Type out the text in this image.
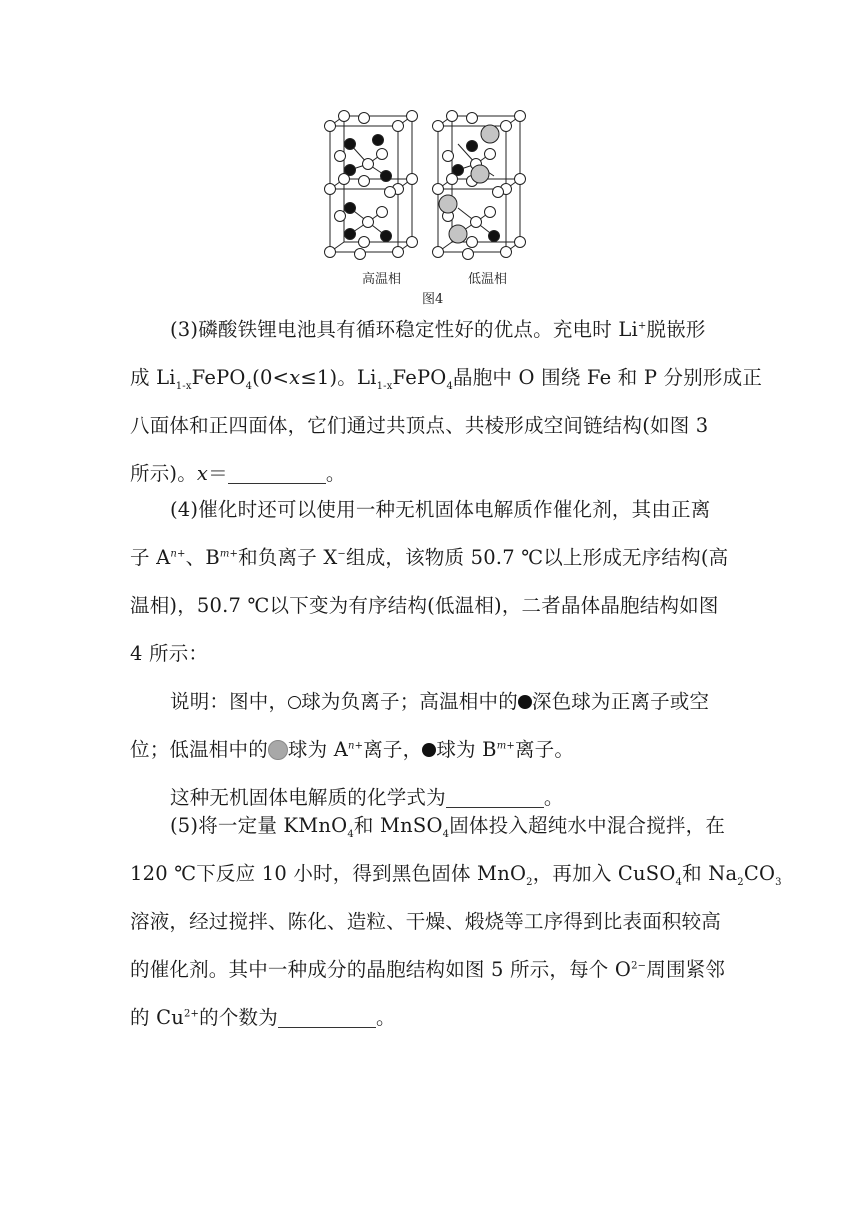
高温相	低温相
图4
(3)磷酸铁锂电池具有循环稳定性好的优点。充电时 Li+脱嵌形
成 $Li_{1-x}FePO_4(0<x\le 1)$。$Li_{1-x}FePO_4$晶胞中 O 围绕 Fe 和 P 分别形成正
八面体和正四面体，它们通过共顶点、共棱形成空间链结构(如图 3
所示)。x＝	。
(4)催化时还可以使用一种无机固体电解质作催化剂，其由正离
子 $A^{n+}$、$B^{m+}$和负离子 X−组成，该物质 50.7 ℃以上形成无序结构(高
温相)，50.7 ℃以下变为有序结构(低温相)，二者晶体晶胞结构如图
4 所示：
说明：图中， 球为负离子；高温相中的 深色球为正离子或空
位；低温相中的 球为 $A^{n+}$离子， 球为 $B^{m+}$离子。
这种无机固体电解质的化学式为	。
(5)将一定量 KMnO$_4$和 MnSO$_4$固体投入超纯水中混合搅拌，在
120 ℃下反应 10 小时，得到黑色固体 MnO$_2$，再加入 CuSO$_4$和 $Na_2CO_3$
溶液，经过搅拌、陈化、造粒、干燥、煅烧等工序得到比表面积较高
的催化剂。其中一种成分的晶胞结构如图 5 所示，每个 $O^{2-}$周围紧邻
的 $Cu^{2+}$的个数为	。
